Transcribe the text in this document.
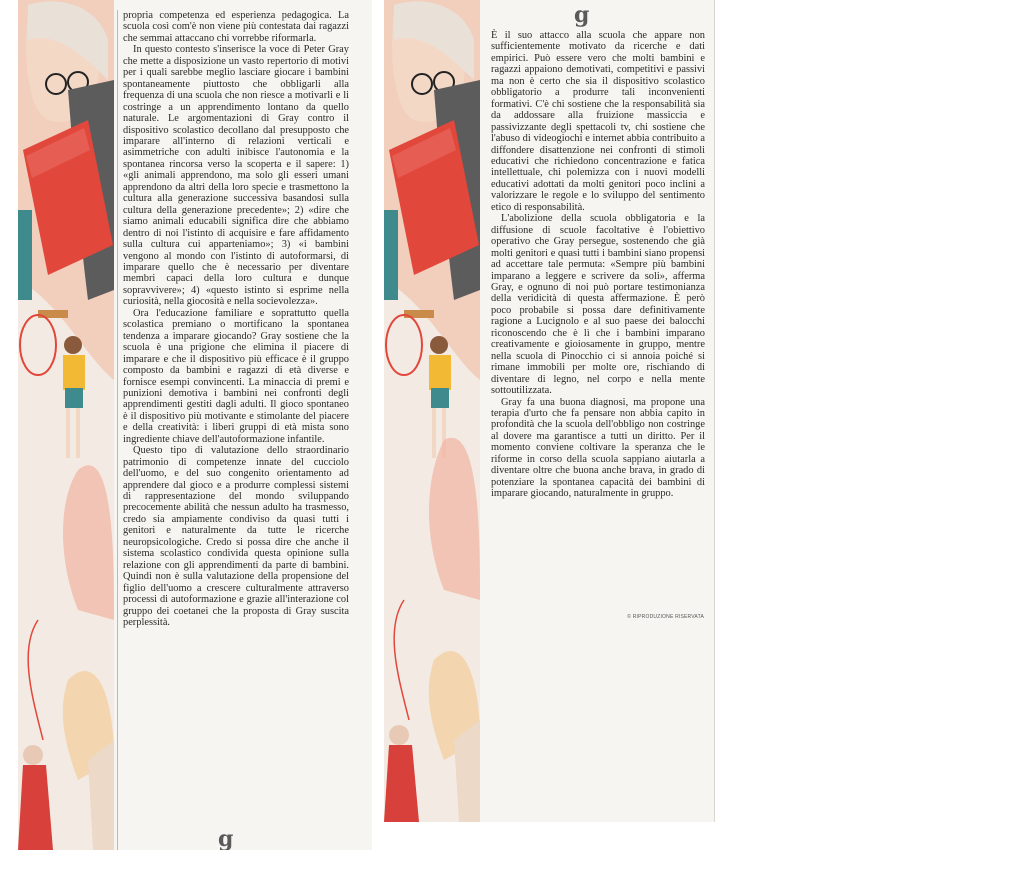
propria competenza ed esperienza pedagogica. La scuola così com'è non viene più contestata dai ragazzi che semmai attaccano chi vorrebbe riformarla.

In questo contesto s'inserisce la voce di Peter Gray che mette a disposizione un vasto repertorio di motivi per i quali sarebbe meglio lasciare giocare i bambini spontaneamente piuttosto che obbligarli alla frequenza di una scuola che non riesce a motivarli e li costringe a un apprendimento lontano da quello naturale. Le argomentazioni di Gray contro il dispositivo scolastico decollano dal presupposto che imparare all'interno di relazioni verticali e asimmetriche con adulti inibisce l'autonomia e la spontanea rincorsa verso la scoperta e il sapere: 1) «gli animali apprendono, ma solo gli esseri umani apprendono da altri della loro specie e trasmettono la cultura alla generazione successiva basandosi sulla cultura della generazione precedente»; 2) «dire che siamo animali educabili significa dire che abbiamo dentro di noi l'istinto di acquisire e fare affidamento sulla cultura cui apparteniamo»; 3) «i bambini vengono al mondo con l'istinto di autoformarsi, di imparare quello che è necessario per diventare membri capaci della loro cultura e dunque sopravvivere»; 4) «questo istinto si esprime nella curiosità, nella giocosità e nella socievolezza».

Ora l'educazione familiare e soprattutto quella scolastica premiano o mortificano la spontanea tendenza a imparare giocando? Gray sostiene che la scuola è una prigione che elimina il piacere di imparare e che il dispositivo più efficace è il gruppo composto da bambini e ragazzi di età diverse e fornisce esempi convincenti. La minaccia di premi e punizioni demotiva i bambini nei confronti degli apprendimenti gestiti dagli adulti. Il gioco spontaneo è il dispositivo più motivante e stimolante del piacere e della creatività: i liberi gruppi di età mista sono ingrediente chiave dell'autoformazione infantile.

Questo tipo di valutazione dello straordinario patrimonio di competenze innate del cucciolo dell'uomo, e del suo congenito orientamento ad apprendere dal gioco e a produrre complessi sistemi di rappresentazione del mondo sviluppando precocemente abilità che nessun adulto ha trasmesso, credo sia ampiamente condiviso da quasi tutti i genitori e naturalmente da tutte le ricerche neuropsicologiche. Credo si possa dire che anche il sistema scolastico condivida questa opinione sulla relazione con gli apprendimenti da parte di bambini. Quindi non è sulla valutazione della propensione del figlio dell'uomo a crescere culturalmente attraverso processi di autoformazione e grazie all'interazione col gruppo dei coetanei che la proposta di Gray suscita perplessità.

g
g

È il suo attacco alla scuola che appare non sufficientemente motivato da ricerche e dati empirici. Può essere vero che molti bambini e ragazzi appaiono demotivati, competitivi e passivi ma non è certo che sia il dispositivo scolastico obbligatorio a produrre tali inconvenienti formativi. C'è chi sostiene che la responsabilità sia da addossare alla fruizione massiccia e passivizzante degli spettacoli tv, chi sostiene che l'abuso di videogiochi e internet abbia contribuito a diffondere disattenzione nei confronti di stimoli educativi che richiedono concentrazione e fatica intellettuale, chi polemizza con i nuovi modelli educativi adottati da molti genitori poco inclini a valorizzare le regole e lo sviluppo del sentimento etico di responsabilità.

L'abolizione della scuola obbligatoria e la diffusione di scuole facoltative è l'obiettivo operativo che Gray persegue, sostenendo che già molti genitori e quasi tutti i bambini siano propensi ad accettare tale permuta: «Sempre più bambini imparano a leggere e scrivere da soli», afferma Gray, e ognuno di noi può portare testimonianza della veridicità di questa affermazione. È però poco probabile si possa dare definitivamente ragione a Lucignolo e al suo paese dei balocchi riconoscendo che è lì che i bambini imparano creativamente e gioiosamente in gruppo, mentre nella scuola di Pinocchio ci si annoia poiché si rimane immobili per molte ore, rischiando di diventare di legno, nel corpo e nella mente sottoutilizzata.

Gray fa una buona diagnosi, ma propone una terapia d'urto che fa pensare non abbia capito in profondità che la scuola dell'obbligo non costringe al dovere ma garantisce a tutti un diritto. Per il momento conviene coltivare la speranza che le riforme in corso della scuola sappiano aiutarla a diventare oltre che buona anche brava, in grado di potenziare la spontanea capacità dei bambini di imparare giocando, naturalmente in gruppo.

© RIPRODUZIONE RISERVATA
